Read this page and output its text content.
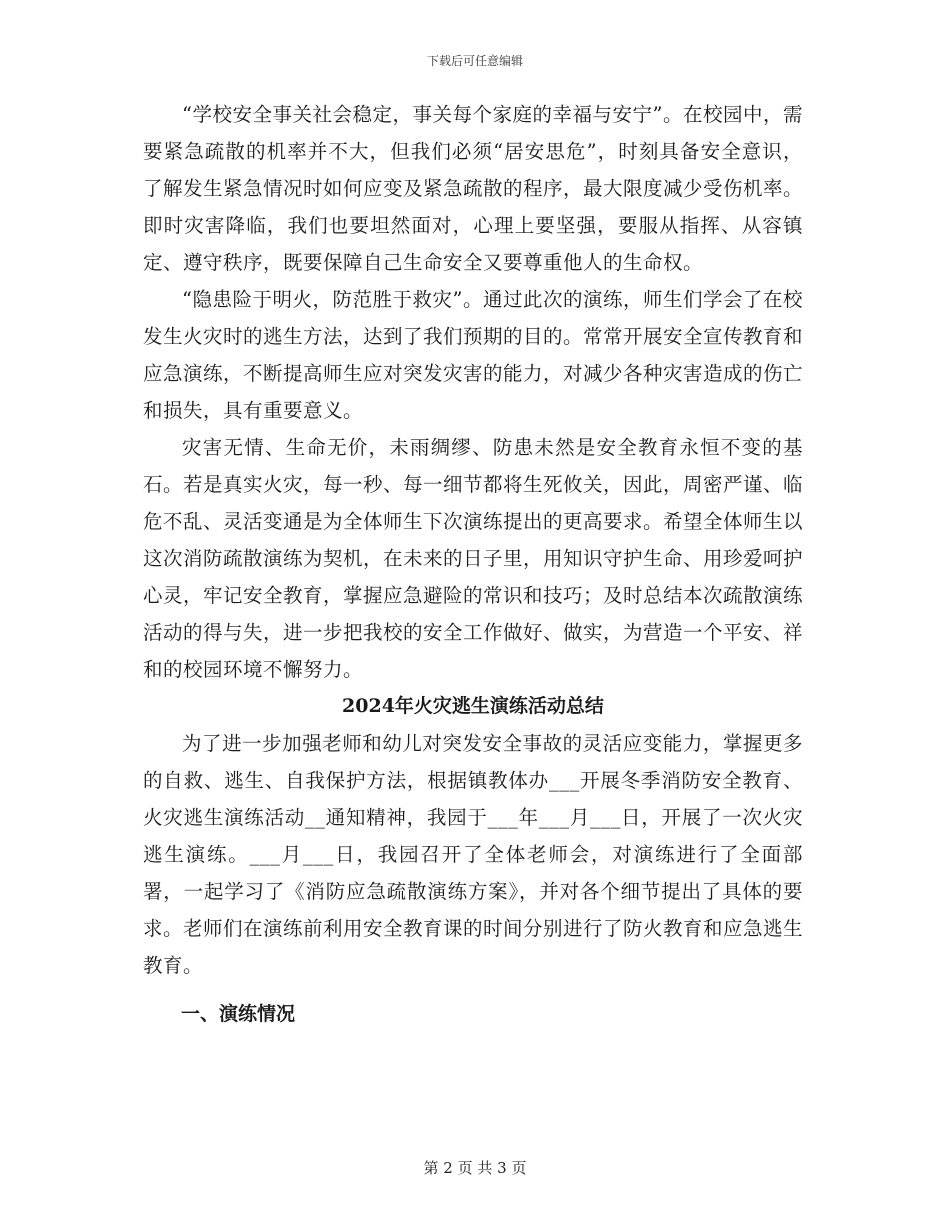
下载后可任意编辑

“学校安全事关社会稳定，事关每个家庭的幸福与安宁”。在校园中，需要紧急疏散的机率并不大，但我们必须“居安思危”，时刻具备安全意识，了解发生紧急情况时如何应变及紧急疏散的程序，最大限度减少受伤机率。即时灾害降临，我们也要坦然面对，心理上要坚强，要服从指挥、从容镇定、遵守秩序，既要保障自己生命安全又要尊重他人的生命权。

“隐患险于明火，防范胜于救灾”。通过此次的演练，师生们学会了在校发生火灾时的逃生方法，达到了我们预期的目的。常常开展安全宣传教育和应急演练，不断提高师生应对突发灾害的能力，对减少各种灾害造成的伤亡和损失，具有重要意义。

灾害无情、生命无价，未雨绸缪、防患未然是安全教育永恒不变的基石。若是真实火灾，每一秒、每一细节都将生死攸关，因此，周密严谨、临危不乱、灵活变通是为全体师生下次演练提出的更高要求。希望全体师生以这次消防疏散演练为契机，在未来的日子里，用知识守护生命、用珍爱呵护心灵，牢记安全教育，掌握应急避险的常识和技巧；及时总结本次疏散演练活动的得与失，进一步把我校的安全工作做好、做实，为营造一个平安、祥和的校园环境不懈努力。

2024年火灾逃生演练活动总结

为了进一步加强老师和幼儿对突发安全事故的灵活应变能力，掌握更多的自救、逃生、自我保护方法，根据镇教体办___开展冬季消防安全教育、火灾逃生演练活动__通知精神，我园于___年___月___日，开展了一次火灾逃生演练。___月___日，我园召开了全体老师会，对演练进行了全面部署，一起学习了《消防应急疏散演练方案》，并对各个细节提出了具体的要求。老师们在演练前利用安全教育课的时间分别进行了防火教育和应急逃生教育。

一、演练情况
第 2 页 共 3 页
